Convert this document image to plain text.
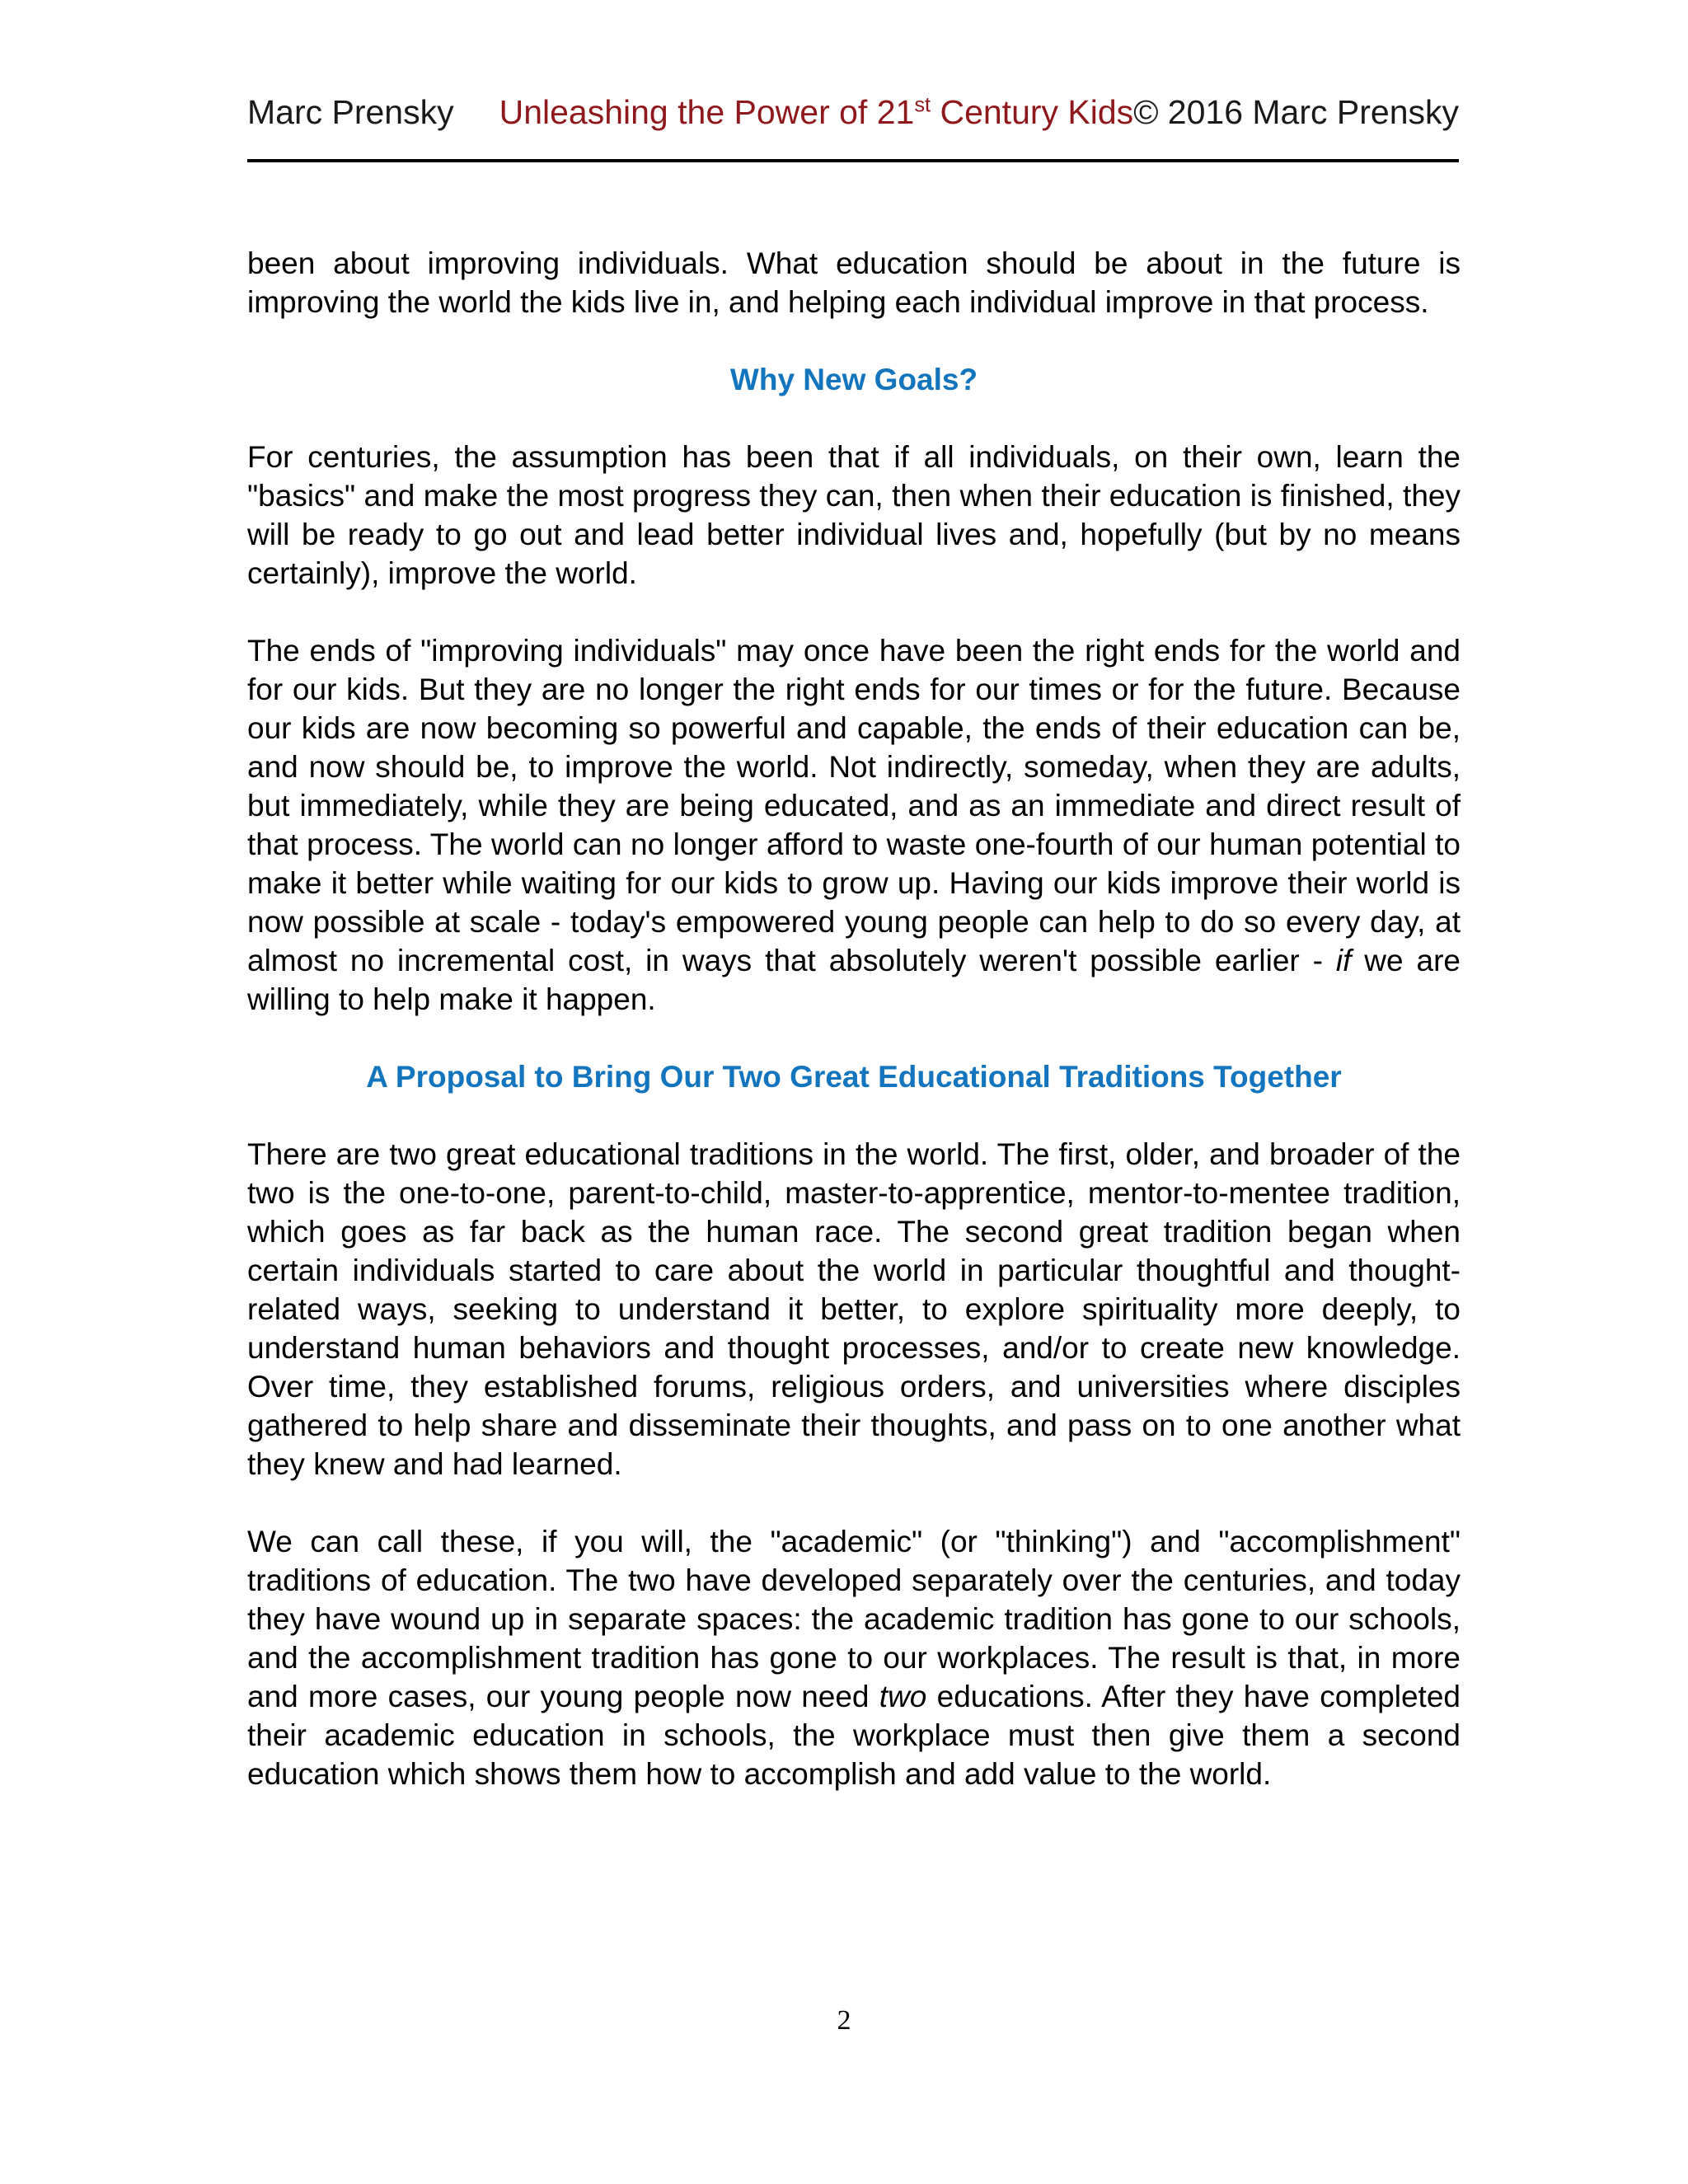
Marc Prensky Unleashing the Power of 21st Century Kids © 2016 Marc Prensky

been about improving individuals. What education should be about in the future is improving the world the kids live in, and helping each individual improve in that process.

Why New Goals?

For centuries, the assumption has been that if all individuals, on their own, learn the "basics" and make the most progress they can, then when their education is finished, they will be ready to go out and lead better individual lives and, hopefully (but by no means certainly), improve the world.

The ends of "improving individuals" may once have been the right ends for the world and for our kids. But they are no longer the right ends for our times or for the future. Because our kids are now becoming so powerful and capable, the ends of their education can be, and now should be, to improve the world. Not indirectly, someday, when they are adults, but immediately, while they are being educated, and as an immediate and direct result of that process. The world can no longer afford to waste one-fourth of our human potential to make it better while waiting for our kids to grow up. Having our kids improve their world is now possible at scale - today's empowered young people can help to do so every day, at almost no incremental cost, in ways that absolutely weren't possible earlier - if we are willing to help make it happen.

A Proposal to Bring Our Two Great Educational Traditions Together

There are two great educational traditions in the world. The first, older, and broader of the two is the one-to-one, parent-to-child, master-to-apprentice, mentor-to-mentee tradition, which goes as far back as the human race. The second great tradition began when certain individuals started to care about the world in particular thoughtful and thought-related ways, seeking to understand it better, to explore spirituality more deeply, to understand human behaviors and thought processes, and/or to create new knowledge. Over time, they established forums, religious orders, and universities where disciples gathered to help share and disseminate their thoughts, and pass on to one another what they knew and had learned.

We can call these, if you will, the "academic" (or "thinking") and "accomplishment" traditions of education. The two have developed separately over the centuries, and today they have wound up in separate spaces: the academic tradition has gone to our schools, and the accomplishment tradition has gone to our workplaces. The result is that, in more and more cases, our young people now need two educations. After they have completed their academic education in schools, the workplace must then give them a second education which shows them how to accomplish and add value to the world.

2
